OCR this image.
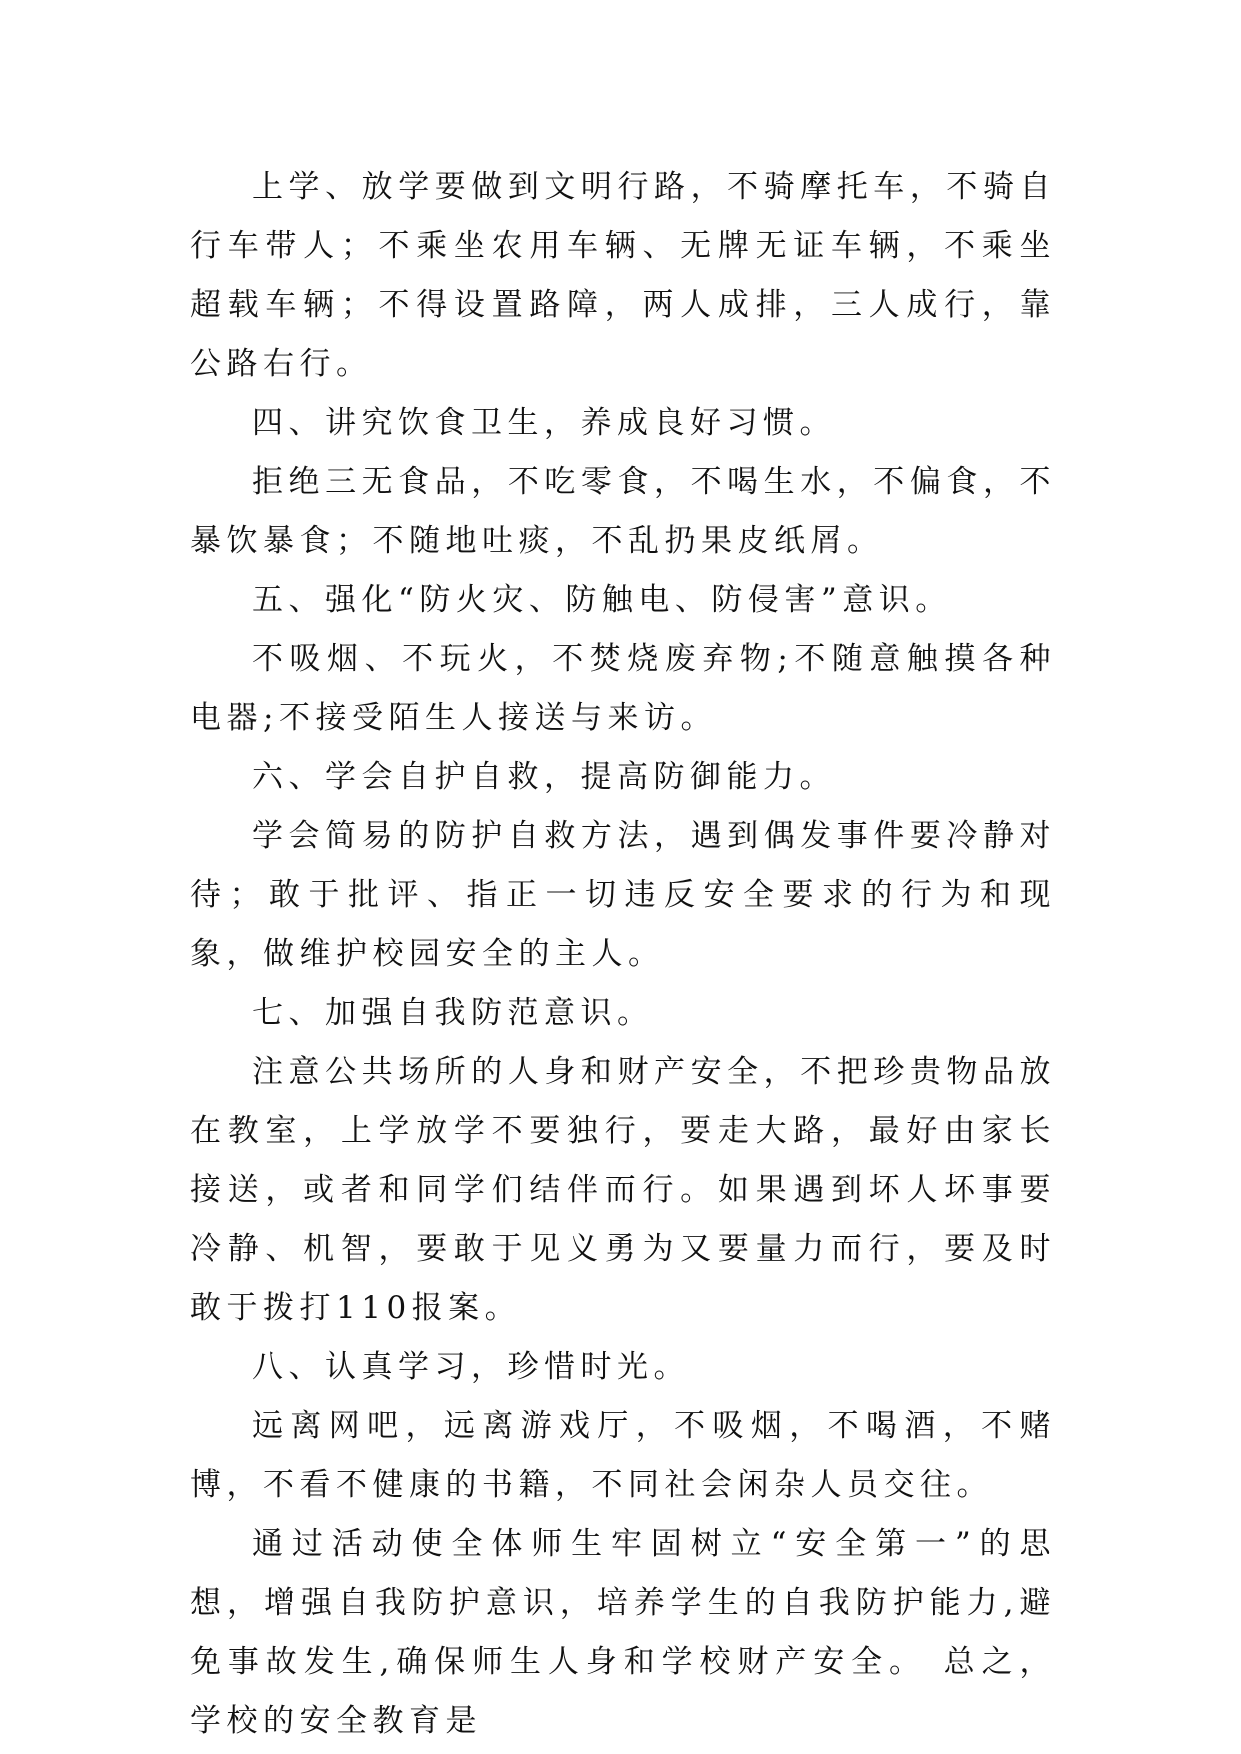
上学、放学要做到文明行路，不骑摩托车，不骑自行车带人；不乘坐农用车辆、无牌无证车辆，不乘坐超载车辆；不得设置路障，两人成排，三人成行，靠公路右行。

四、讲究饮食卫生，养成良好习惯。

拒绝三无食品，不吃零食，不喝生水，不偏食，不暴饮暴食；不随地吐痰，不乱扔果皮纸屑。

五、强化“防火灾、防触电、防侵害”意识。

不吸烟、不玩火，不焚烧废弃物;不随意触摸各种电器;不接受陌生人接送与来访。

六、学会自护自救，提高防御能力。

学会简易的防护自救方法，遇到偶发事件要冷静对待；敢于批评、指正一切违反安全要求的行为和现象，做维护校园安全的主人。

七、加强自我防范意识。

注意公共场所的人身和财产安全，不把珍贵物品放在教室，上学放学不要独行，要走大路，最好由家长接送，或者和同学们结伴而行。如果遇到坏人坏事要冷静、机智，要敢于见义勇为又要量力而行，要及时敢于拨打110报案。

八、认真学习，珍惜时光。

远离网吧，远离游戏厅，不吸烟，不喝酒，不赌博，不看不健康的书籍，不同社会闲杂人员交往。

通过活动使全体师生牢固树立“安全第一”的思想，增强自我防护意识，培养学生的自我防护能力,避免事故发生,确保师生人身和学校财产安全。 总之，学校的安全教育是
